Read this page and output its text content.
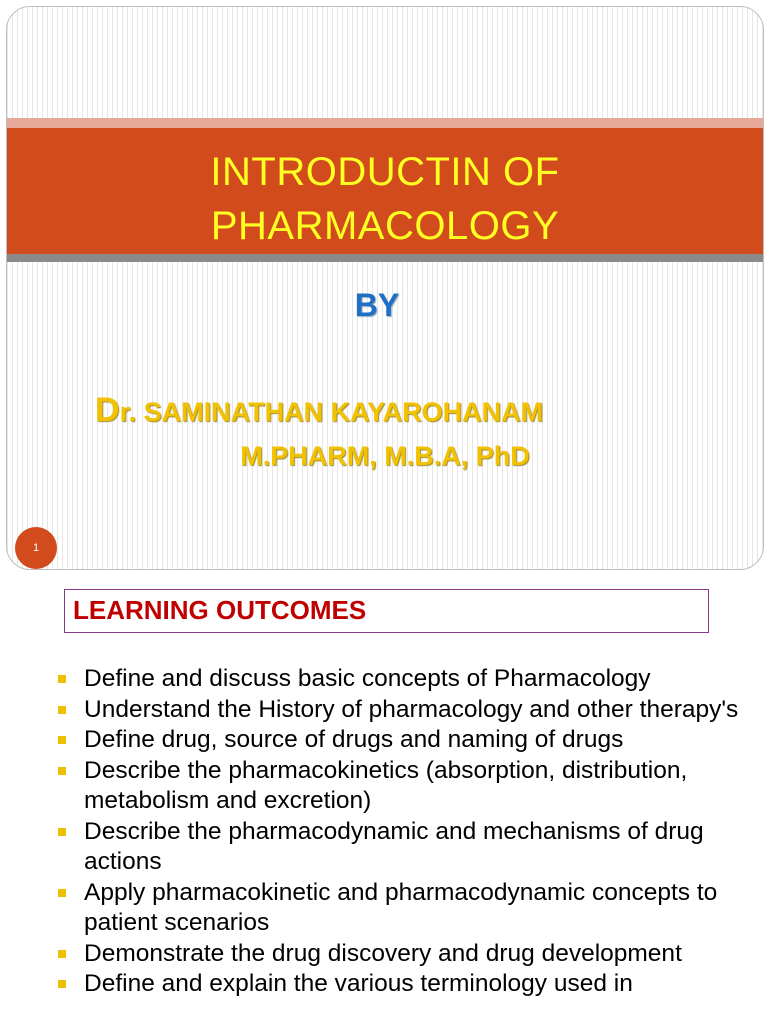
INTRODUCTIN OF
PHARMACOLOGY
BY
Dr. SAMINATHAN KAYAROHANAM
M.PHARM, M.B.A, PhD
1
LEARNING OUTCOMES
Define and discuss basic concepts of Pharmacology
Understand the History of pharmacology and other therapy's
Define drug, source of drugs and naming of drugs
Describe the pharmacokinetics (absorption, distribution, metabolism and excretion)
Describe the pharmacodynamic and mechanisms of drug actions
Apply pharmacokinetic and pharmacodynamic concepts to patient scenarios
Demonstrate the drug discovery and drug development
Define and explain the various terminology used in
